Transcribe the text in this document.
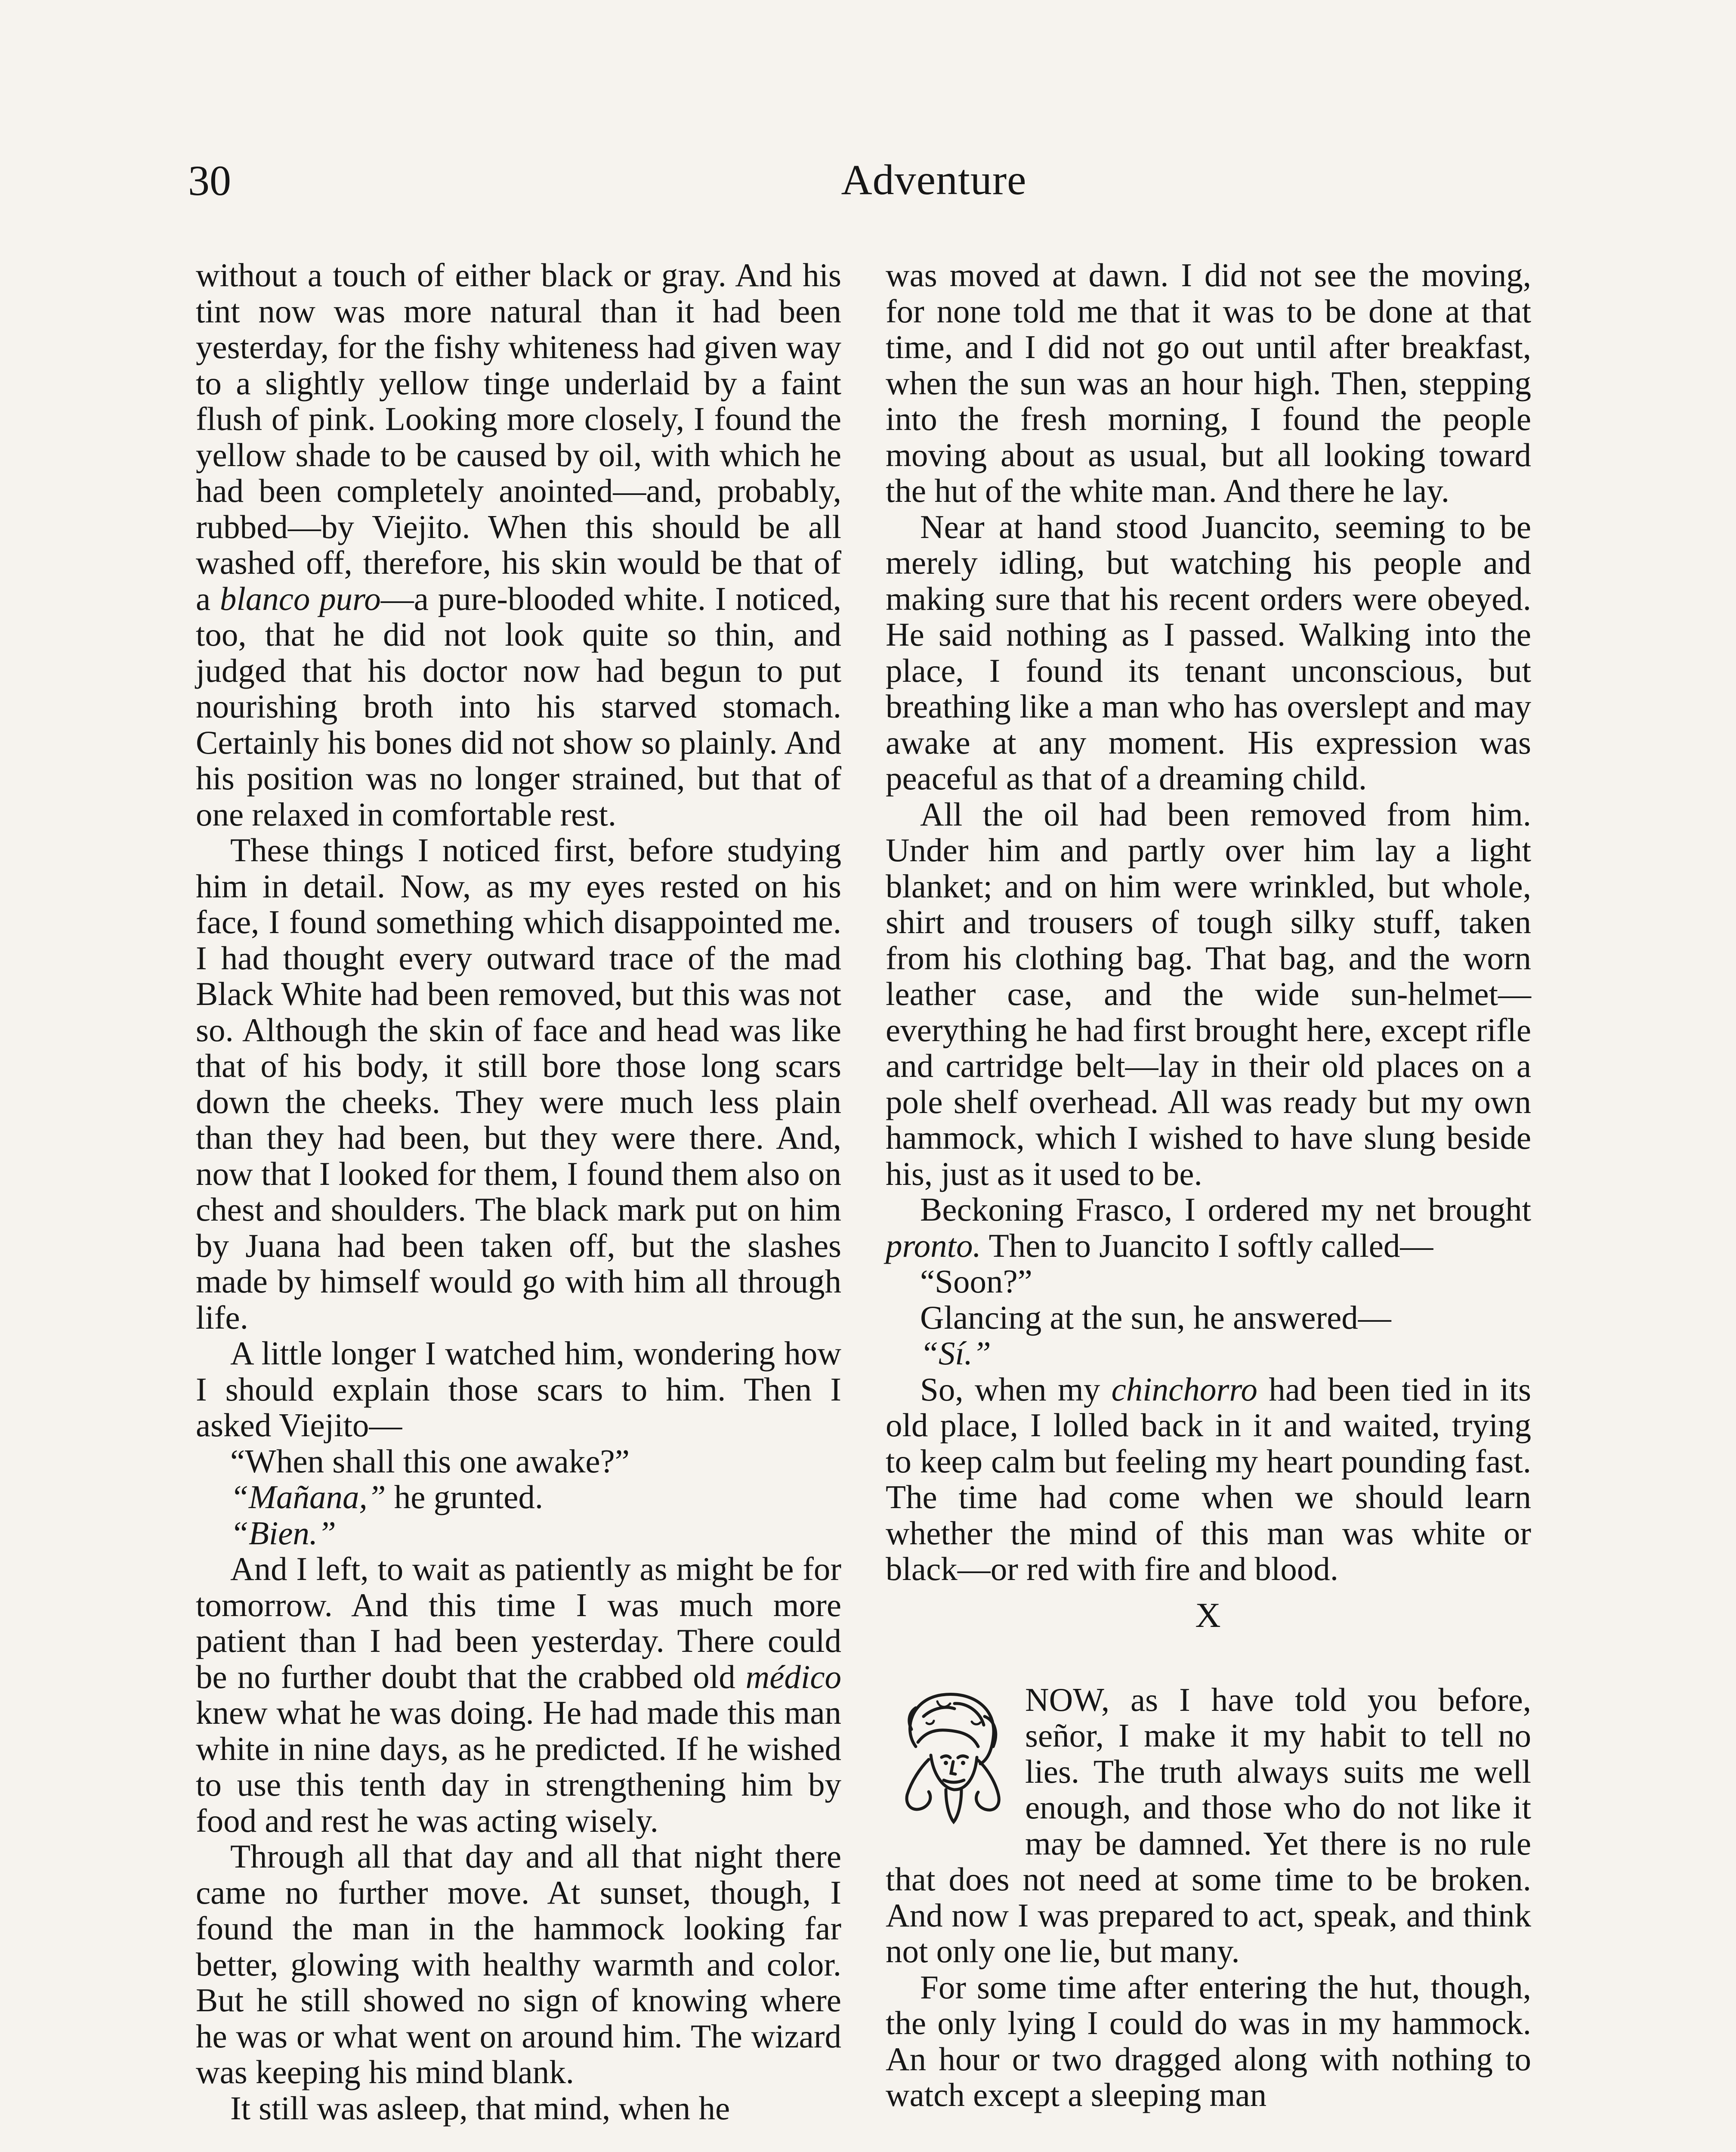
30	Adventure

without a touch of either black or gray. And his tint now was more natural than it had been yesterday, for the fishy whiteness had given way to a slightly yellow tinge underlaid by a faint flush of pink. Looking more closely, I found the yellow shade to be caused by oil, with which he had been completely anointed—and, probably, rubbed—by Viejito. When this should be all washed off, therefore, his skin would be that of a blanco puro—a pure-blooded white. I noticed, too, that he did not look quite so thin, and judged that his doctor now had begun to put nourishing broth into his starved stomach. Certainly his bones did not show so plainly. And his position was no longer strained, but that of one relaxed in comfortable rest.

These things I noticed first, before studying him in detail. Now, as my eyes rested on his face, I found something which disappointed me. I had thought every outward trace of the mad Black White had been removed, but this was not so. Although the skin of face and head was like that of his body, it still bore those long scars down the cheeks. They were much less plain than they had been, but they were there. And, now that I looked for them, I found them also on chest and shoulders. The black mark put on him by Juana had been taken off, but the slashes made by himself would go with him all through life.

A little longer I watched him, wondering how I should explain those scars to him. Then I asked Viejito—

“When shall this one awake?”

“Mañana,” he grunted.

“Bien.”

And I left, to wait as patiently as might be for tomorrow. And this time I was much more patient than I had been yesterday. There could be no further doubt that the crabbed old médico knew what he was doing. He had made this man white in nine days, as he predicted. If he wished to use this tenth day in strengthening him by food and rest he was acting wisely.

Through all that day and all that night there came no further move. At sunset, though, I found the man in the hammock looking far better, glowing with healthy warmth and color. But he still showed no sign of knowing where he was or what went on around him. The wizard was keeping his mind blank.

It still was asleep, that mind, when he

was moved at dawn. I did not see the moving, for none told me that it was to be done at that time, and I did not go out until after breakfast, when the sun was an hour high. Then, stepping into the fresh morning, I found the people moving about as usual, but all looking toward the hut of the white man. And there he lay.

Near at hand stood Juancito, seeming to be merely idling, but watching his people and making sure that his recent orders were obeyed. He said nothing as I passed. Walking into the place, I found its tenant unconscious, but breathing like a man who has overslept and may awake at any moment. His expression was peaceful as that of a dreaming child.

All the oil had been removed from him. Under him and partly over him lay a light blanket; and on him were wrinkled, but whole, shirt and trousers of tough silky stuff, taken from his clothing bag. That bag, and the worn leather case, and the wide sun-helmet—everything he had first brought here, except rifle and cartridge belt—lay in their old places on a pole shelf overhead. All was ready but my own hammock, which I wished to have slung beside his, just as it used to be.

Beckoning Frasco, I ordered my net brought pronto. Then to Juancito I softly called—

“Soon?”

Glancing at the sun, he answered—

“Sí.”

So, when my chinchorro had been tied in its old place, I lolled back in it and waited, trying to keep calm but feeling my heart pounding fast. The time had come when we should learn whether the mind of this man was white or black—or red with fire and blood.

X

NOW, as I have told you before, señor, I make it my habit to tell no lies. The truth always suits me well enough, and those who do not like it may be damned. Yet there is no rule that does not need at some time to be broken. And now I was prepared to act, speak, and think not only one lie, but many.

For some time after entering the hut, though, the only lying I could do was in my hammock. An hour or two dragged along with nothing to watch except a sleeping man
